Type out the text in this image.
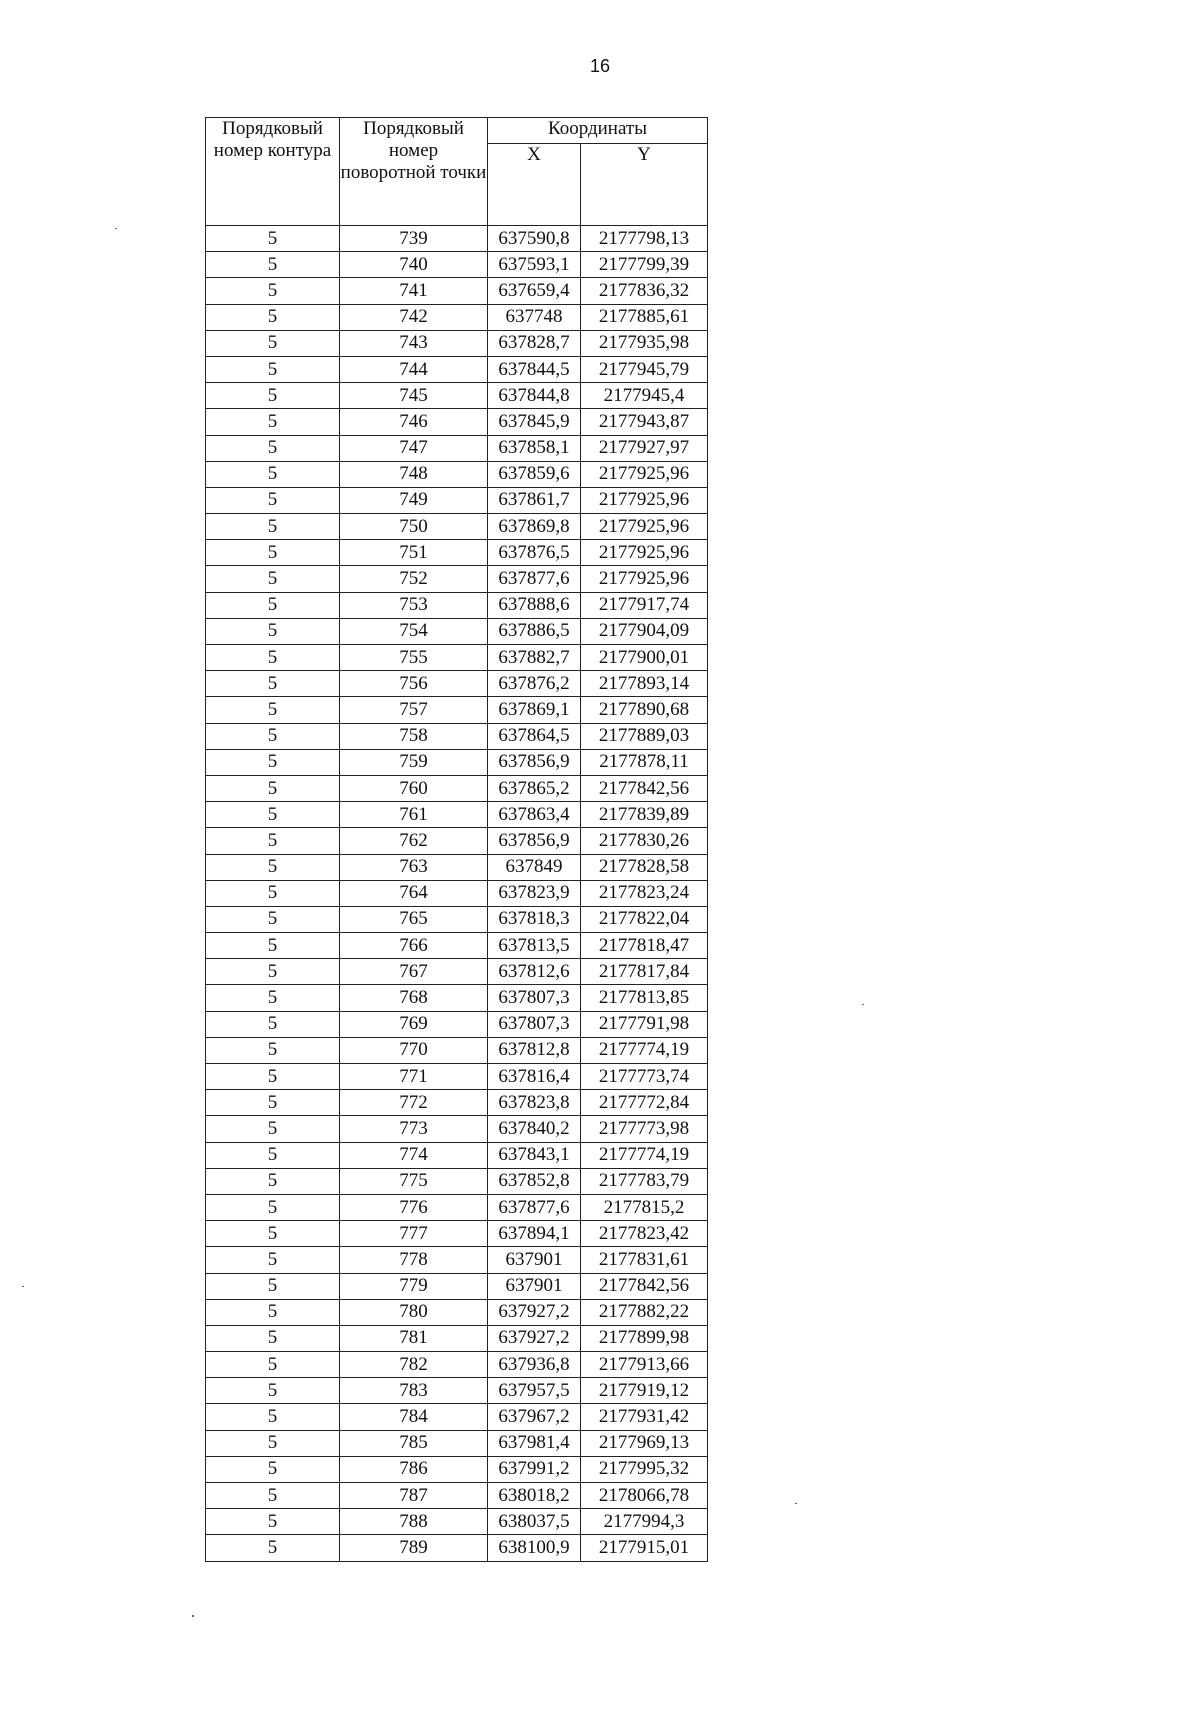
16
Порядковый номер контура	Порядковый номер поворотной точки	Координаты	
		X	Y
5	739	637590,8	2177798,13
5	740	637593,1	2177799,39
5	741	637659,4	2177836,32
5	742	637748	2177885,61
5	743	637828,7	2177935,98
5	744	637844,5	2177945,79
5	745	637844,8	2177945,4
5	746	637845,9	2177943,87
5	747	637858,1	2177927,97
5	748	637859,6	2177925,96
5	749	637861,7	2177925,96
5	750	637869,8	2177925,96
5	751	637876,5	2177925,96
5	752	637877,6	2177925,96
5	753	637888,6	2177917,74
5	754	637886,5	2177904,09
5	755	637882,7	2177900,01
5	756	637876,2	2177893,14
5	757	637869,1	2177890,68
5	758	637864,5	2177889,03
5	759	637856,9	2177878,11
5	760	637865,2	2177842,56
5	761	637863,4	2177839,89
5	762	637856,9	2177830,26
5	763	637849	2177828,58
5	764	637823,9	2177823,24
5	765	637818,3	2177822,04
5	766	637813,5	2177818,47
5	767	637812,6	2177817,84
5	768	637807,3	2177813,85
5	769	637807,3	2177791,98
5	770	637812,8	2177774,19
5	771	637816,4	2177773,74
5	772	637823,8	2177772,84
5	773	637840,2	2177773,98
5	774	637843,1	2177774,19
5	775	637852,8	2177783,79
5	776	637877,6	2177815,2
5	777	637894,1	2177823,42
5	778	637901	2177831,61
5	779	637901	2177842,56
5	780	637927,2	2177882,22
5	781	637927,2	2177899,98
5	782	637936,8	2177913,66
5	783	637957,5	2177919,12
5	784	637967,2	2177931,42
5	785	637981,4	2177969,13
5	786	637991,2	2177995,32
5	787	638018,2	2178066,78
5	788	638037,5	2177994,3
5	789	638100,9	2177915,01
